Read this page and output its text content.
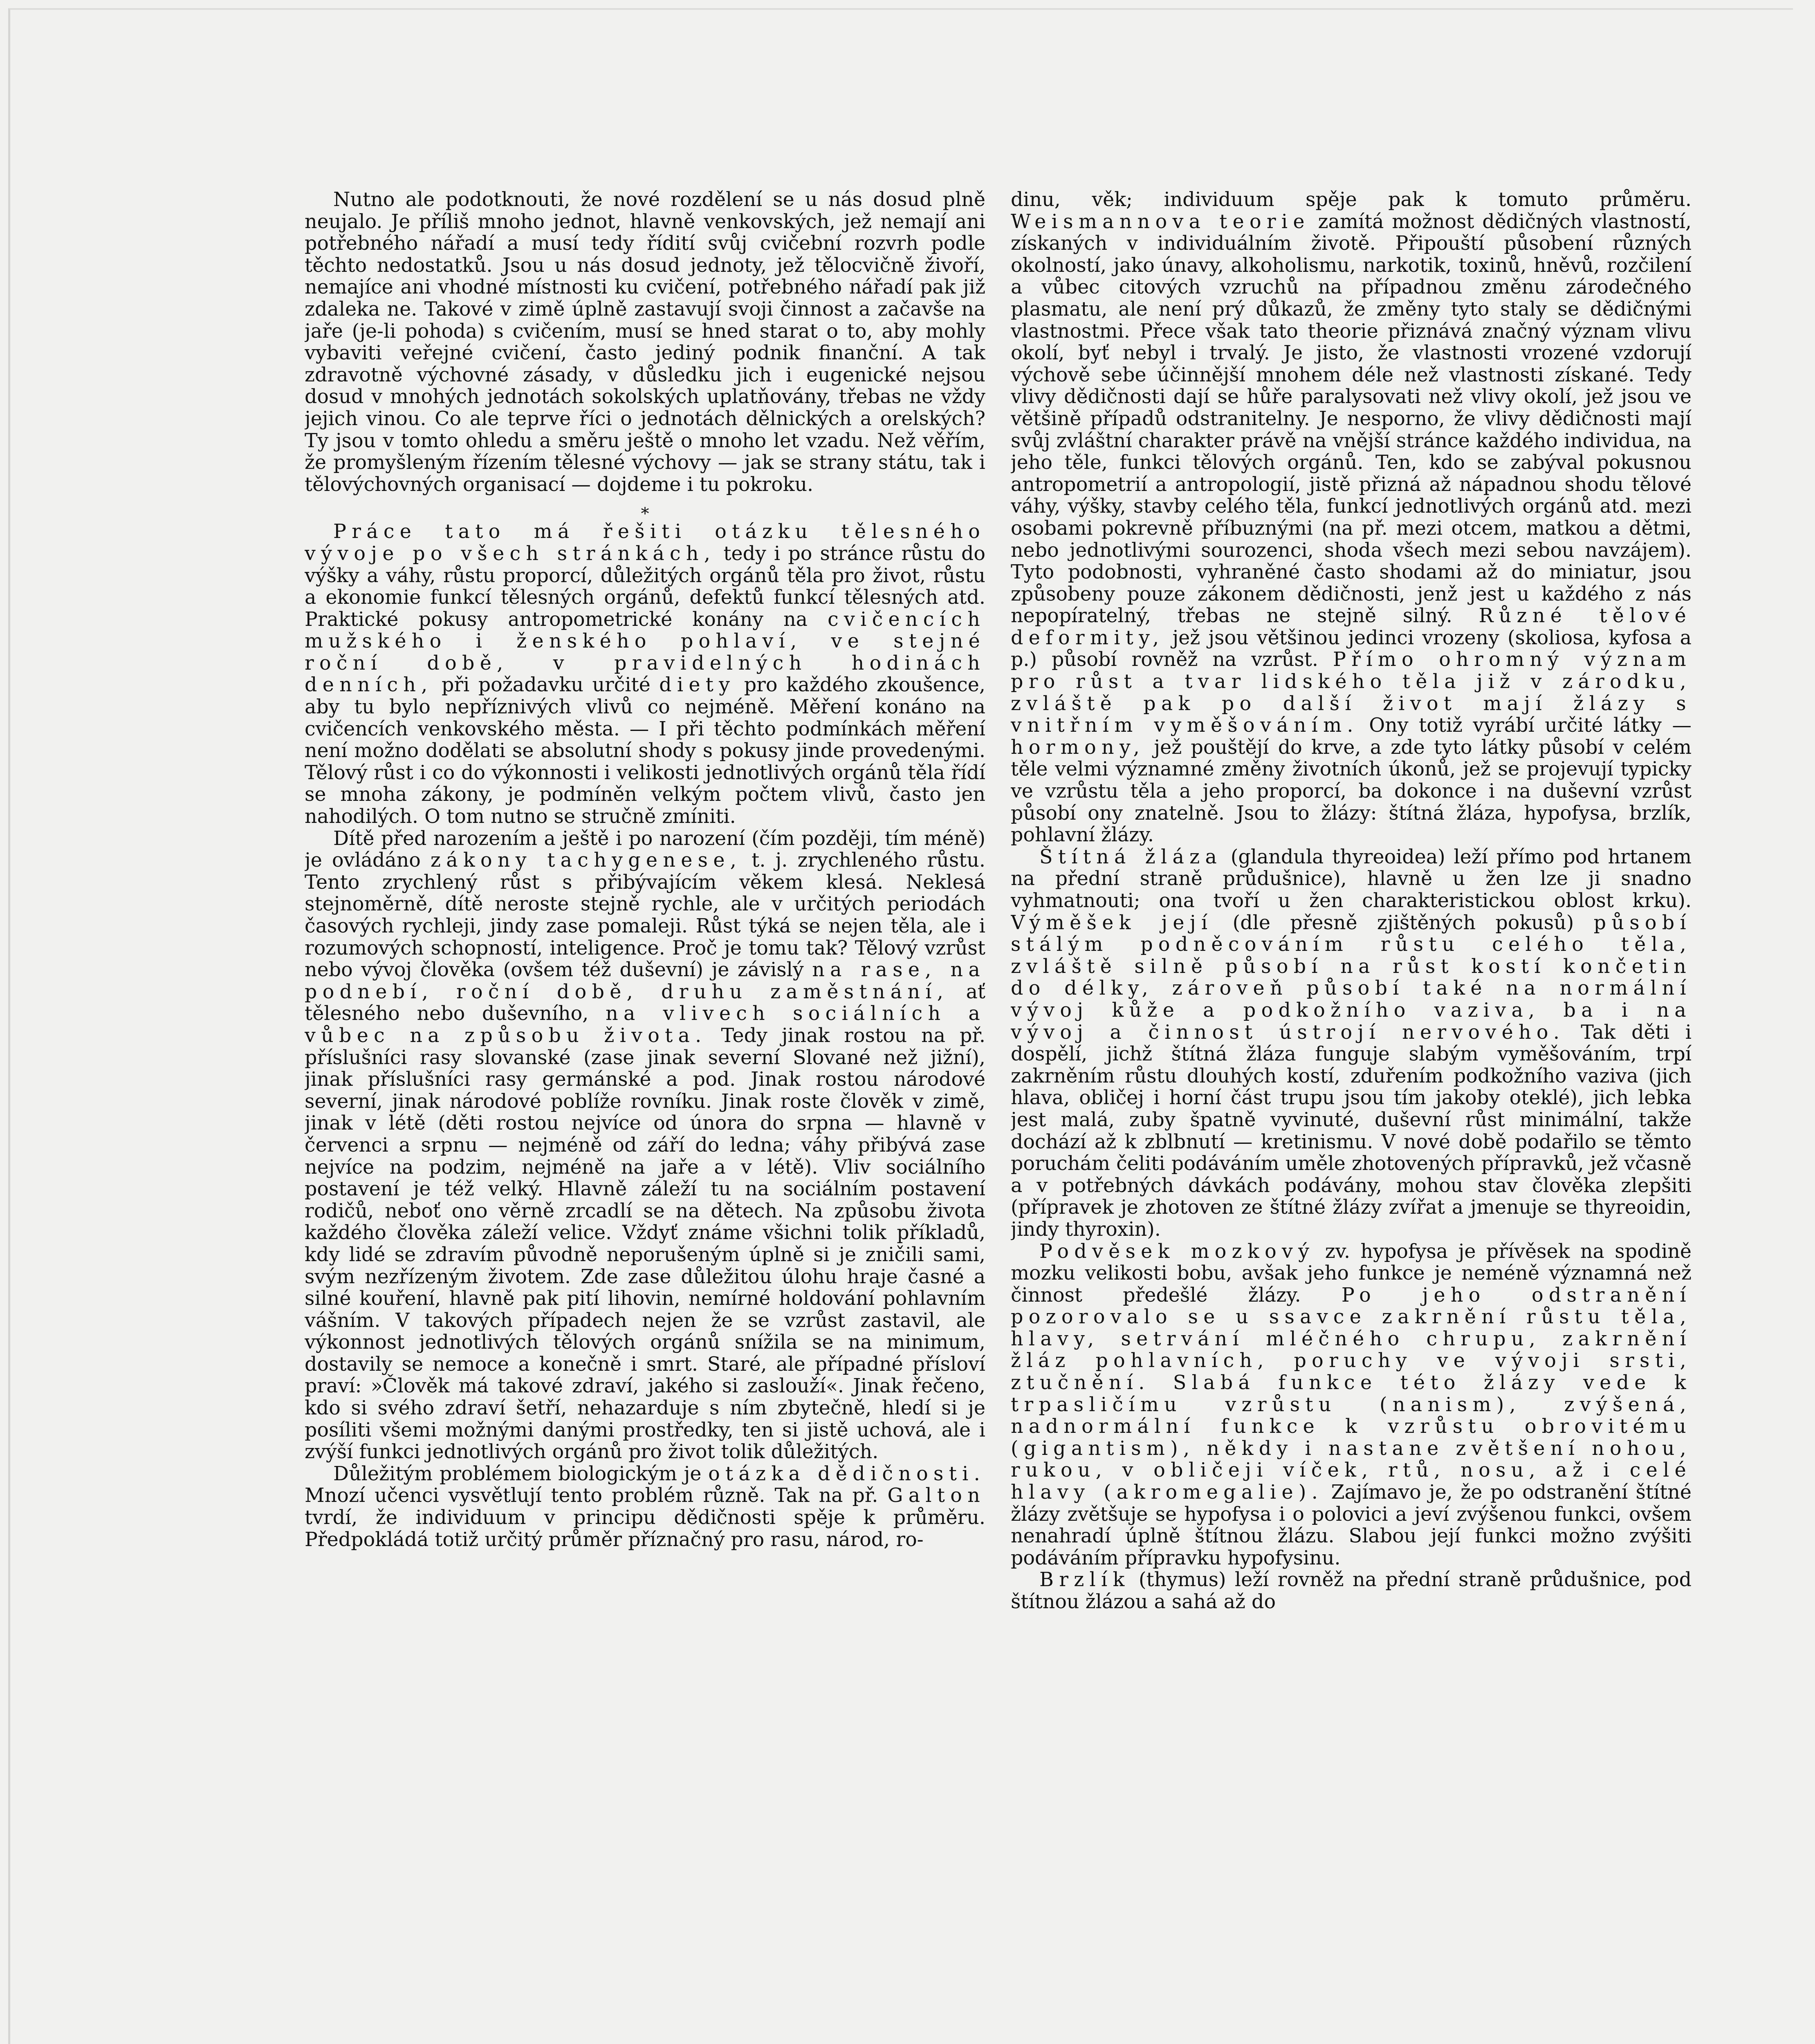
Nutno ale podotknouti, že nové rozdělení se u nás dosud plně neujalo. Je příliš mnoho jednot, hlavně venkovských, jež nemají ani potřebného nářadí a musí tedy řídití svůj cvičební rozvrh podle těchto nedostatků. Jsou u nás dosud jednoty, jež tělocvičně živoří, nemajíce ani vhodné místnosti ku cvičení, potřebného nářadí pak již zdaleka ne. Takové v zimě úplně zastavují svoji činnost a začavše na jaře (je-li pohoda) s cvičením, musí se hned starat o to, aby mohly vybaviti veřejné cvičení, často jediný podnik finanční. A tak zdravotně výchovné zásady, v důsledku jich i eugenické nejsou dosud v mnohých jednotách sokolských uplatňovány, třebas ne vždy jejich vinou. Co ale teprve říci o jednotách dělnických a orelských? Ty jsou v tomto ohledu a směru ještě o mnoho let vzadu. Než věřím, že promyšleným řízením tělesné výchovy — jak se strany státu, tak i tělovýchovných organisací — dojdeme i tu pokroku.

*

Práce tato má řešiti otázku tělesného vývoje po všech stránkách, tedy i po stránce růstu do výšky a váhy, růstu proporcí, důležitých orgánů těla pro život, růstu a ekonomie funkcí tělesných orgánů, defektů funkcí tělesných atd. Praktické pokusy antropometrické konány na cvičencích mužského i ženského pohlaví, ve stejné roční době, v pravidelných hodinách denních, při požadavku určité diety pro každého zkoušence, aby tu bylo nepříznivých vlivů co nejméně. Měření konáno na cvičencích venkovského města. — I při těchto podmínkách měření není možno dodělati se absolutní shody s pokusy jinde provedenými. Tělový růst i co do výkonnosti i velikosti jednotlivých orgánů těla řídí se mnoha zákony, je podmíněn velkým počtem vlivů, často jen nahodilých. O tom nutno se stručně zmíniti.

Dítě před narozením a ještě i po narození (čím později, tím méně) je ovládáno zákony tachygenese, t. j. zrychleného růstu. Tento zrychlený růst s přibývajícím věkem klesá. Neklesá stejnoměrně, dítě neroste stejně rychle, ale v určitých periodách časových rychleji, jindy zase pomaleji. Růst týká se nejen těla, ale i rozumových schopností, inteligence. Proč je tomu tak? Tělový vzrůst nebo vývoj člověka (ovšem též duševní) je závislý na rase, na podnebí, roční době, druhu zaměstnání, ať tělesného nebo duševního, na vlivech sociálních a vůbec na způsobu života. Tedy jinak rostou na př. příslušníci rasy slovanské (zase jinak severní Slované než jižní), jinak příslušníci rasy germánské a pod. Jinak rostou národové severní, jinak národové poblíže rovníku. Jinak roste člověk v zimě, jinak v létě (děti rostou nejvíce od února do srpna — hlavně v červenci a srpnu — nejméně od září do ledna; váhy přibývá zase nejvíce na podzim, nejméně na jaře a v létě). Vliv sociálního postavení je též velký. Hlavně záleží tu na sociálním postavení rodičů, neboť ono věrně zrcadlí se na dětech. Na způsobu života každého člověka záleží velice. Vždyť známe všichni tolik příkladů, kdy lidé se zdravím původně neporušeným úplně si je zničili sami, svým nezřízeným životem. Zde zase důležitou úlohu hraje časné a silné kouření, hlavně pak pití lihovin, nemírné holdování pohlavním vášním. V takových případech nejen že se vzrůst zastavil, ale výkonnost jednotlivých tělových orgánů snížila se na minimum, dostavily se nemoce a konečně i smrt. Staré, ale případné přísloví praví: »Člověk má takové zdraví, jakého si zaslouží«. Jinak řečeno, kdo si svého zdraví šetří, nehazarduje s ním zbytečně, hledí si je posíliti všemi možnými danými prostředky, ten si jistě uchová, ale i zvýší funkci jednotlivých orgánů pro život tolik důležitých.

Důležitým problémem biologickým je otázka dědičnosti. Mnozí učenci vysvětlují tento problém různě. Tak na př. Galton tvrdí, že individuum v principu dědičnosti spěje k průměru. Předpokládá totiž určitý průměr příznačný pro rasu, národ, ro-

dinu, věk; individuum spěje pak k tomuto průměru. Weismannova teorie zamítá možnost dědičných vlastností, získaných v individuálním životě. Připouští působení různých okolností, jako únavy, alkoholismu, narkotik, toxinů, hněvů, rozčilení a vůbec citových vzruchů na případnou změnu zárodečného plasmatu, ale není prý důkazů, že změny tyto staly se dědičnými vlastnostmi. Přece však tato theorie přiznává značný význam vlivu okolí, byť nebyl i trvalý. Je jisto, že vlastnosti vrozené vzdorují výchově sebe účinnější mnohem déle než vlastnosti získané. Tedy vlivy dědičnosti dají se hůře paralysovati než vlivy okolí, jež jsou ve většině případů odstranitelny. Je nesporno, že vlivy dědičnosti mají svůj zvláštní charakter právě na vnější stránce každého individua, na jeho těle, funkci tělových orgánů. Ten, kdo se zabýval pokusnou antropometrií a antropologií, jistě přizná až nápadnou shodu tělové váhy, výšky, stavby celého těla, funkcí jednotlivých orgánů atd. mezi osobami pokrevně příbuznými (na př. mezi otcem, matkou a dětmi, nebo jednotlivými sourozenci, shoda všech mezi sebou navzájem). Tyto podobnosti, vyhraněné často shodami až do miniatur, jsou způsobeny pouze zákonem dědičnosti, jenž jest u každého z nás nepopíratelný, třebas ne stejně silný. Různé tělové deformity, jež jsou většinou jedinci vrozeny (skoliosa, kyfosa a p.) působí rovněž na vzrůst. Přímo ohromný význam pro růst a tvar lidského těla již v zárodku, zvláště pak po další život mají žlázy s vnitřním vyměšováním. Ony totiž vyrábí určité látky — hormony, jež pouštějí do krve, a zde tyto látky působí v celém těle velmi významné změny životních úkonů, jež se projevují typicky ve vzrůstu těla a jeho proporcí, ba dokonce i na duševní vzrůst působí ony znatelně. Jsou to žlázy: štítná žláza, hypofysa, brzlík, pohlavní žlázy.

Štítná žláza (glandula thyreoidea) leží přímo pod hrtanem na přední straně průdušnice), hlavně u žen lze ji snadno vyhmatnouti; ona tvoří u žen charakteristickou oblost krku). Výměšek její (dle přesně zjištěných pokusů) působí stálým podněcováním růstu celého těla, zvláště silně působí na růst kostí končetin do délky, zároveň působí také na normální vývoj kůže a podkožního vaziva, ba i na vývoj a činnost ústrojí nervového. Tak děti i dospělí, jichž štítná žláza funguje slabým vyměšováním, trpí zakrněním růstu dlouhých kostí, zduřením podkožního vaziva (jich hlava, obličej i horní část trupu jsou tím jakoby oteklé), jich lebka jest malá, zuby špatně vyvinuté, duševní růst minimální, takže dochází až k zblbnutí — kretinismu. V nové době podařilo se těmto poruchám čeliti podáváním uměle zhotovených přípravků, jež včasně a v potřebných dávkách podávány, mohou stav člověka zlepšiti (přípravek je zhotoven ze štítné žlázy zvířat a jmenuje se thyreoidin, jindy thyroxin).

Podvěsek mozkový zv. hypofysa je přívěsek na spodině mozku velikosti bobu, avšak jeho funkce je neméně významná než činnost předešlé žlázy. Po jeho odstranění pozorovalo se u ssavce zakrnění růstu těla, hlavy, setrvání mléčného chrupu, zakrnění žláz pohlavních, poruchy ve vývoji srsti, ztučnění. Slabá funkce této žlázy vede k trpasličímu vzrůstu (nanism), zvýšená, nadnormální funkce k vzrůstu obrovitému (gigantism), někdy i nastane zvětšení nohou, rukou, v obličeji víček, rtů, nosu, až i celé hlavy (akromegalie). Zajímavo je, že po odstranění štítné žlázy zvětšuje se hypofysa i o polovici a jeví zvýšenou funkci, ovšem nenahradí úplně štítnou žlázu. Slabou její funkci možno zvýšiti podáváním přípravku hypofysinu.

Brzlík (thymus) leží rovněž na přední straně průdušnice, pod štítnou žlázou a sahá až do
